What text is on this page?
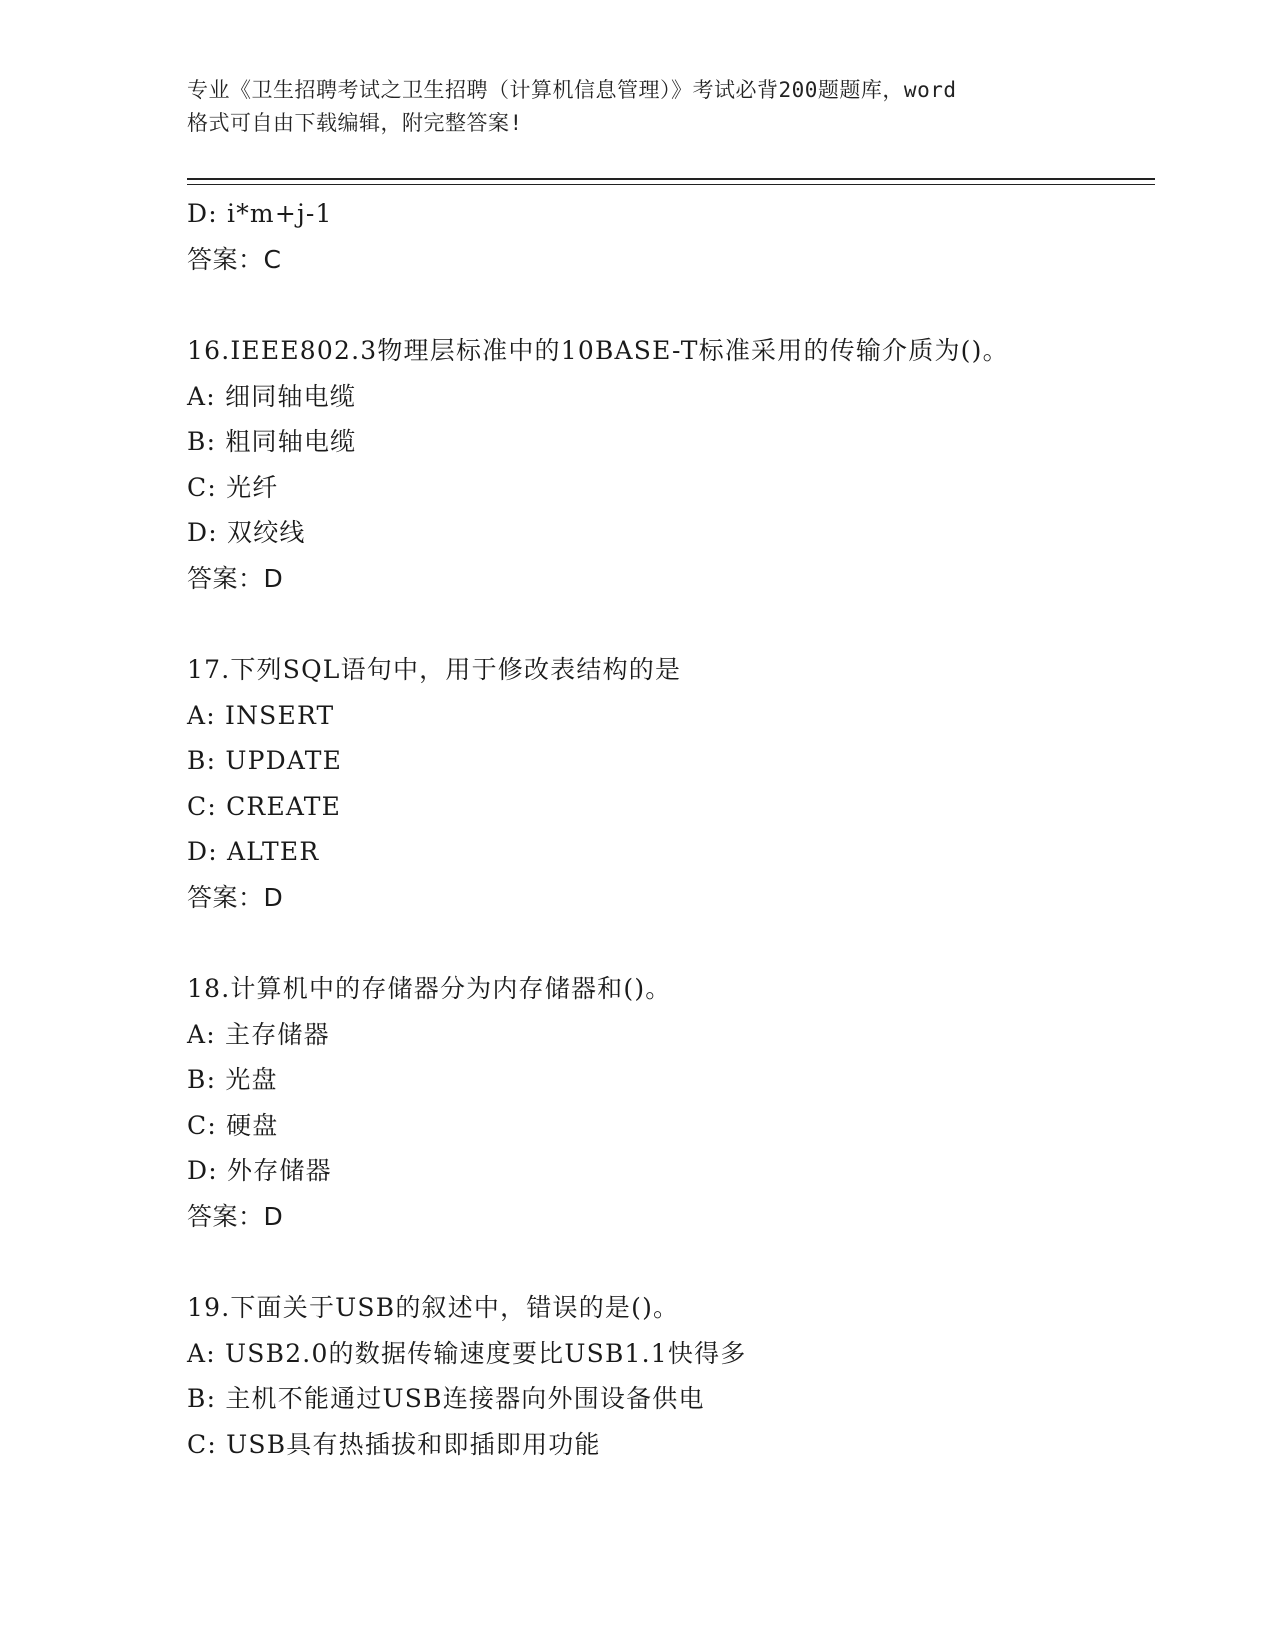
专业《卫生招聘考试之卫生招聘（计算机信息管理）》考试必背200题题库，word
格式可自由下载编辑，附完整答案!
D: i*m+j-1
答案：C
16.IEEE802.3物理层标准中的10BASE-T标准采用的传输介质为()。
A: 细同轴电缆
B: 粗同轴电缆
C: 光纤
D: 双绞线
答案：D
17.下列SQL语句中，用于修改表结构的是
A: INSERT
B: UPDATE
C: CREATE
D: ALTER
答案：D
18.计算机中的存储器分为内存储器和()。
A: 主存储器
B: 光盘
C: 硬盘
D: 外存储器
答案：D
19.下面关于USB的叙述中，错误的是()。
A: USB2.0的数据传输速度要比USB1.1快得多
B: 主机不能通过USB连接器向外围设备供电
C: USB具有热插拔和即插即用功能
